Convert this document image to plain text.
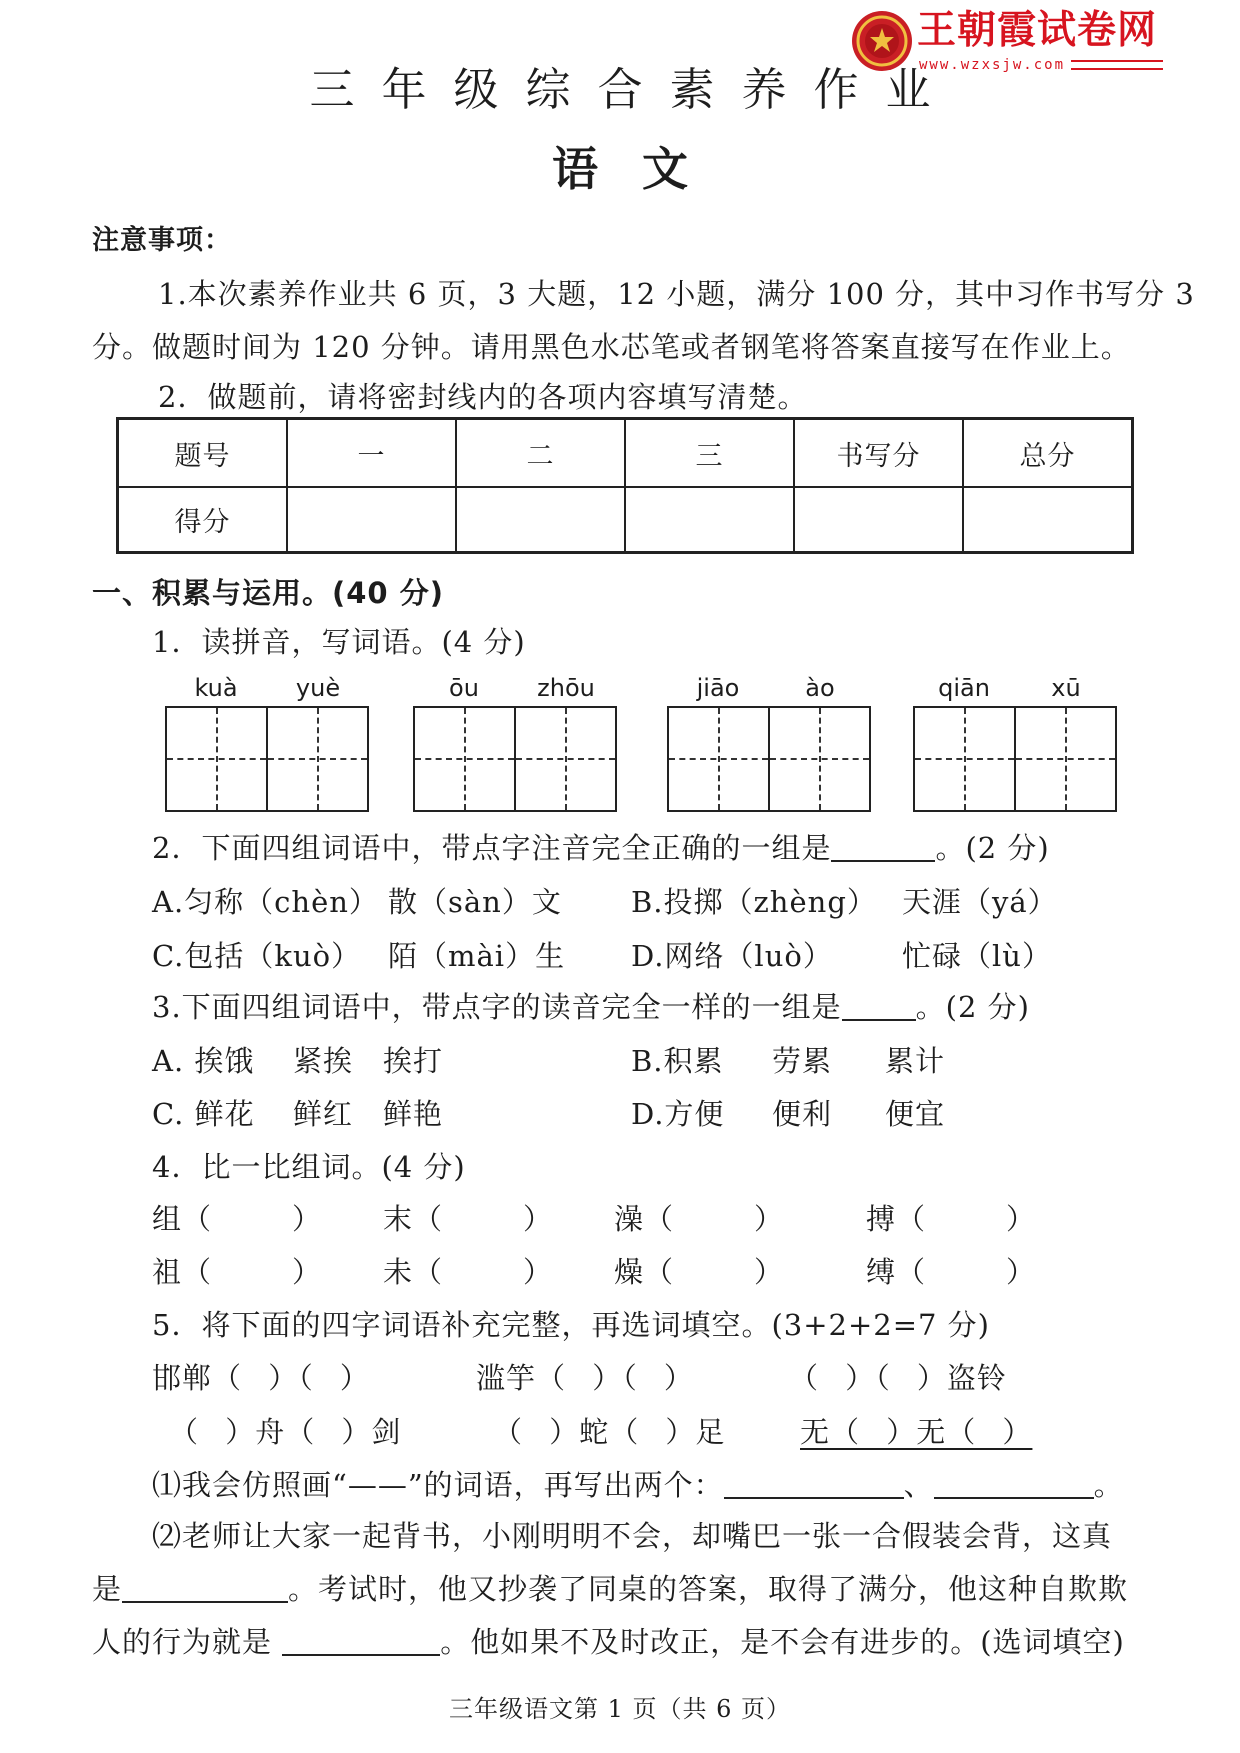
王朝霞试卷网
www.wzxsjw.com
三年级综合素养作业
语文
注意事项：
1.本次素养作业共 6 页，3 大题，12 小题，满分 100 分，其中习作书写分 3
分。做题时间为 120 分钟。请用黑色水芯笔或者钢笔将答案直接写在作业上。
2．做题前，请将密封线内的各项内容填写清楚。
题号	一	二	三	书写分	总分
得分					
一、积累与运用。(40 分)
1．读拼音，写词语。(4 分)
kuà	yuè	ōu	zhōu	jiāo	ào	qiān	xū
2．下面四组词语中，带点字注音完全正确的一组是	。(2 分)
A.匀称（chèn） 散（sàn）文 B.投掷（zhèng） 天涯（yá）
C.包括（kuò） 陌（mài）生 D.网络（luò） 忙碌（lù）
3.下面四组词语中，带点字的读音完全一样的一组是	。(2 分)
A. 挨饿 紧挨 挨打	B.积累 劳累 累计
C. 鲜花 鲜红 鲜艳	D.方便 便利 便宜
4．比一比组词。(4 分)
组（	） 末（	） 澡（	）	搏（	）
祖（	） 未（	） 燥（	）	缚（	）
5．将下面的四字词语补充完整，再选词填空。(3+2+2=7 分)
邯郸（ ）（ ）	滥竽（ ）（ ）	（ ）（ ）盗铃
（ ）舟（ ）剑	（ ）蛇（ ）足	无（ ）无（ ）
⑴我会仿照画“——”的词语，再写出两个：	、	。
⑵老师让大家一起背书，小刚明明不会，却嘴巴一张一合假装会背，这真
是	。考试时，他又抄袭了同桌的答案，取得了满分，他这种自欺欺
人的行为就是	。他如果不及时改正，是不会有进步的。(选词填空)
三年级语文第 1 页（共 6 页）
